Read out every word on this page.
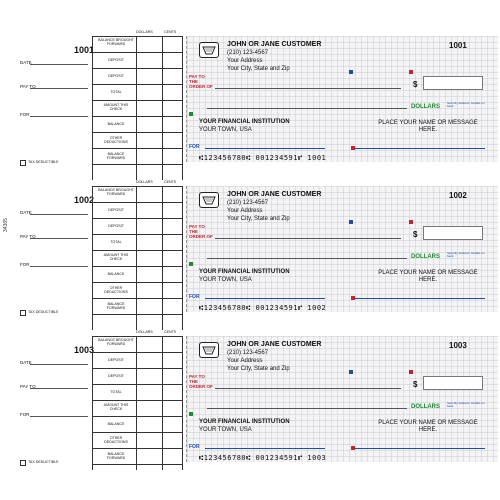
34365
1001
DATE
PAY TO
FOR
DOLLARS	CENTS
BALANCE BROUGHT FORWARD
DEPOSIT
DEPOSIT
TOTAL
AMOUNT THIS CHECK
BALANCE
OTHER DEDUCTIONS
BALANCE FORWARD
TAX DEDUCTIBLE
JOHN OR JANE CUSTOMER
(210) 123-4567
Your Address
Your City, State and Zip
1001
PAY TO THE ORDER OF	$
DOLLARS
Security features. Details on back.
YOUR FINANCIAL INSTITUTION
YOUR TOWN, USA
PLACE YOUR NAME OR MESSAGE HERE.
FOR
⑆123456780⑆ 001234591⑈ 1001
1002
DATE
PAY TO
FOR
DOLLARS	CENTS
BALANCE BROUGHT FORWARD
DEPOSIT
DEPOSIT
TOTAL
AMOUNT THIS CHECK
BALANCE
OTHER DEDUCTIONS
BALANCE FORWARD
TAX DEDUCTIBLE
JOHN OR JANE CUSTOMER
(210) 123-4567
Your Address
Your City, State and Zip
1002
PAY TO THE ORDER OF	$
DOLLARS
Security features. Details on back.
YOUR FINANCIAL INSTITUTION
YOUR TOWN, USA
PLACE YOUR NAME OR MESSAGE HERE.
FOR
⑆123456780⑆ 001234591⑈ 1002
1003
DATE
PAY TO
FOR
DOLLARS	CENTS
BALANCE BROUGHT FORWARD
DEPOSIT
DEPOSIT
TOTAL
AMOUNT THIS CHECK
BALANCE
OTHER DEDUCTIONS
BALANCE FORWARD
TAX DEDUCTIBLE
JOHN OR JANE CUSTOMER
(210) 123-4567
Your Address
Your City, State and Zip
1003
PAY TO THE ORDER OF	$
DOLLARS
Security features. Details on back.
YOUR FINANCIAL INSTITUTION
YOUR TOWN, USA
PLACE YOUR NAME OR MESSAGE HERE.
FOR
⑆123456780⑆ 001234591⑈ 1003
